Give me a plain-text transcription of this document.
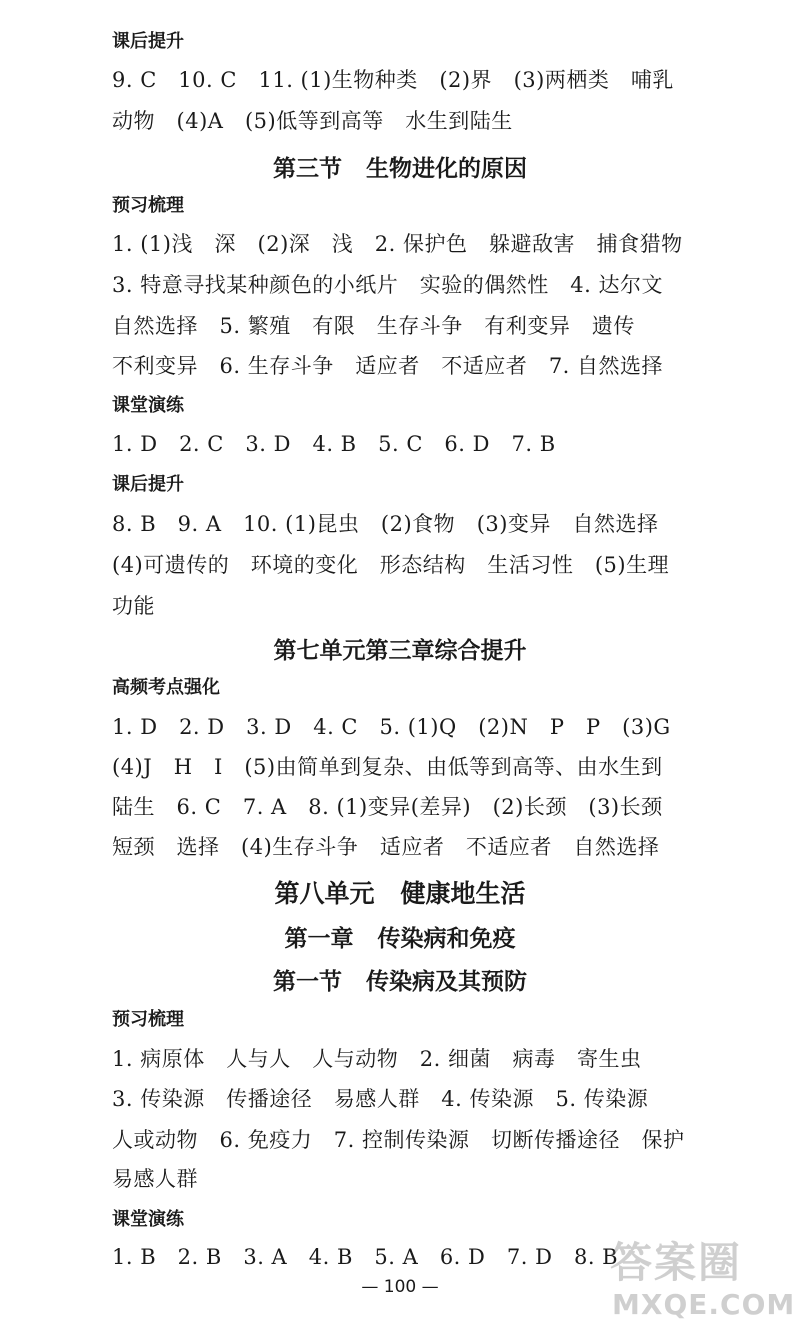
课后提升
9. C   10. C   11. (1)生物种类   (2)界   (3)两栖类   哺乳
动物   (4)A   (5)低等到高等   水生到陆生
第三节   生物进化的原因
预习梳理
1. (1)浅   深   (2)深   浅   2. 保护色   躲避敌害   捕食猎物
3. 特意寻找某种颜色的小纸片   实验的偶然性   4. 达尔文
自然选择   5. 繁殖   有限   生存斗争   有利变异   遗传
不利变异   6. 生存斗争   适应者   不适应者   7. 自然选择
课堂演练
1. D   2. C   3. D   4. B   5. C   6. D   7. B
课后提升
8. B   9. A   10. (1)昆虫   (2)食物   (3)变异   自然选择
(4)可遗传的   环境的变化   形态结构   生活习性   (5)生理
功能
第七单元第三章综合提升
高频考点强化
1. D   2. D   3. D   4. C   5. (1)Q   (2)N   P   P   (3)G
(4)J   H   I   (5)由简单到复杂、由低等到高等、由水生到
陆生   6. C   7. A   8. (1)变异(差异)   (2)长颈   (3)长颈
短颈   选择   (4)生存斗争   适应者   不适应者   自然选择
第八单元   健康地生活
第一章   传染病和免疫
第一节   传染病及其预防
预习梳理
1. 病原体   人与人   人与动物   2. 细菌   病毒   寄生虫
3. 传染源   传播途径   易感人群   4. 传染源   5. 传染源
人或动物   6. 免疫力   7. 控制传染源   切断传播途径   保护
易感人群
课堂演练
1. B   2. B   3. A   4. B   5. A   6. D   7. D   8. B
— 100 —	答案圈
MXQE.COM
